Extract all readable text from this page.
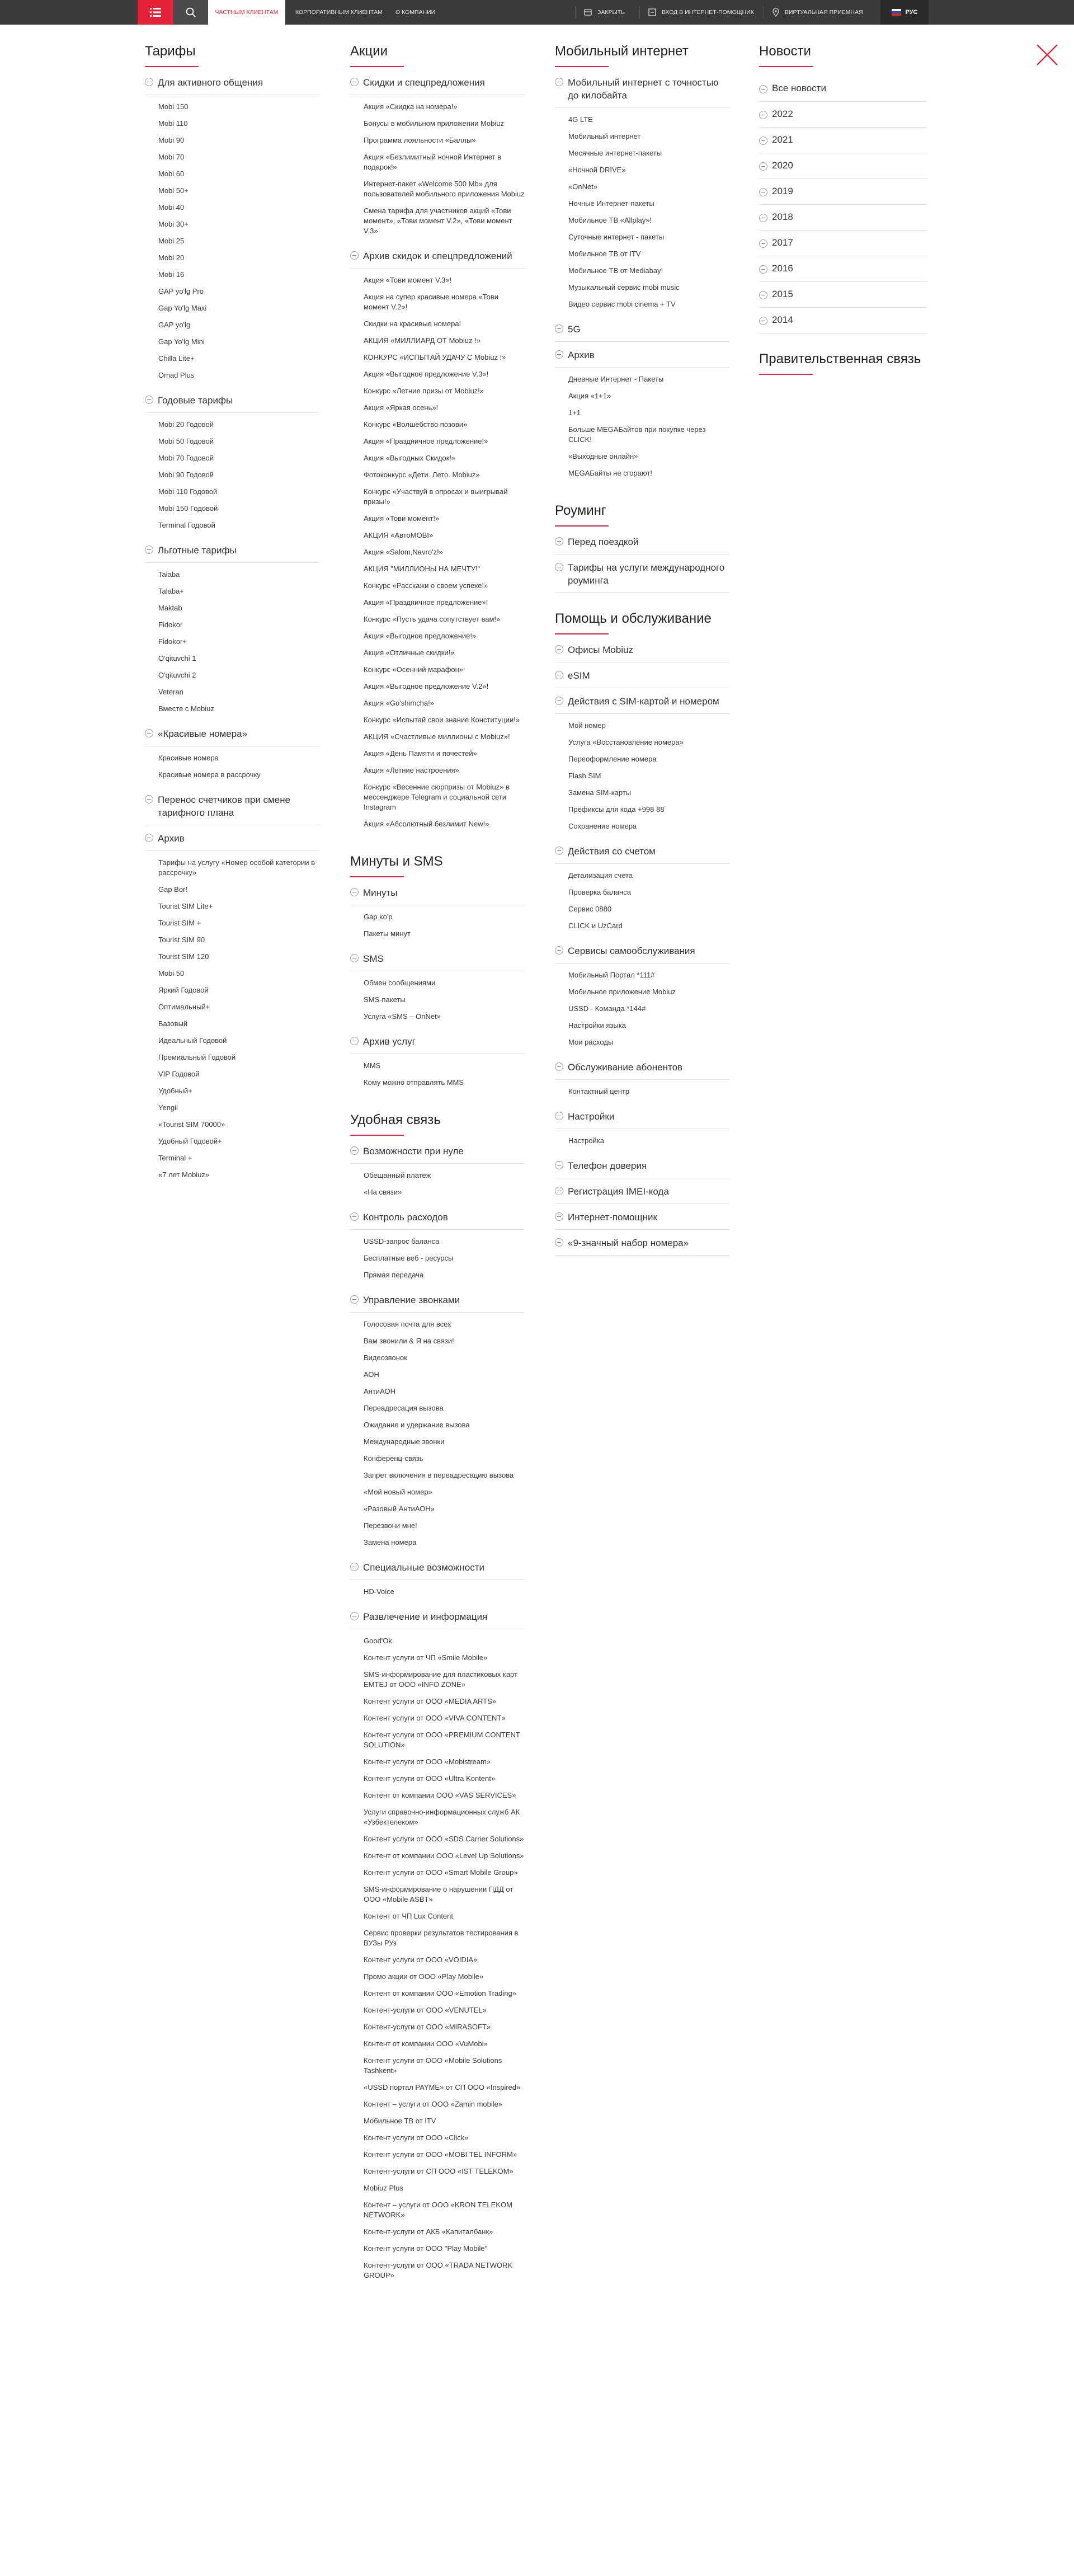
ЧАСТНЫМ КЛИЕНТАМ	КОРПОРАТИВНЫМ КЛИЕНТАМ О КОМПАНИИ	ЗАКРЫТЬ	ВХОД В ИНТЕРНЕТ-ПОМОЩНИК	ВИРТУАЛЬНАЯ ПРИЕМНАЯ	РУС
Тарифы
Для активного общения
Mobi 150
Mobi 110
Mobi 90
Mobi 70
Mobi 60
Mobi 50+
Mobi 40
Mobi 30+
Mobi 25
Mobi 20
Mobi 16
GAP yo'lg Pro
Gap Yo'lg Maxi
GAP yo'lg
Gap Yo'lg Mini
Chilla Lite+
Omad Plus
Годовые тарифы
Mobi 20 Годовой
Mobi 50 Годовой
Mobi 70 Годовой
Mobi 90 Годовой
Mobi 110 Годовой
Mobi 150 Годовой
Terminal Годовой
Льготные тарифы
Talaba
Talaba+
Maktab
Fidokor
Fidokor+
O'qituvchi 1
O'qituvchi 2
Veteran
Вместе с Mobiuz
«Красивые номера»
Красивые номера
Красивые номера в рассрочку
Перенос счетчиков при смене тарифного плана
Архив
Тарифы на услугу «Номер особой категории в рассрочку»
Gap Bor!
Tourist SIM Lite+
Tourist SIM +
Tourist SIM 90
Tourist SIM 120
Mobi 50
Яркий Годовой
Оптимальный+
Базовый
Идеальный Годовой
Премиальный Годовой
VIP Годовой
Удобный+
Yengil
«Tourist SIM 70000»
Удобный Годовой+
Terminal +
«7 лет Mobiuz»
Акции
Скидки и спецпредложения
Акция «Скидка на номера!»
Бонусы в мобильном приложении Mobiuz
Программа лояльности «Баллы»
Акция «Безлимитный ночной Интернет в подарок!»
Интернет-пакет «Welcome 500 Mb» для пользователей мобильного приложения Mobiuz
Смена тарифа для участников акций «Тови момент», «Тови момент V.2», «Тови момент V.3»
Архив скидок и спецпредложений
Акция «Тови момент V.3»!
Акция на супер красивые номера «Тови момент V.2»!
Скидки на красивые номера!
АКЦИЯ «МИЛЛИАРД ОТ Mobiuz !»
КОНКУРС «ИСПЫТАЙ УДАЧУ С Mobiuz !»
Акция «Выгодное предложение V.3»!
Конкурс «Летние призы от Mobiuz!»
Акция «Яркая осень»!
Конкурс «Волшебство позови»
Акция «Праздничное предложение!»
Акция «Выгодных Скидок!»
Фотоконкурс «Дети. Лето. Mobiuz»
Конкурс «Участвуй в опросах и выигрывай призы!»
Акция «Тови момент!»
АКЦИЯ «АвтоMOBI»
Акция «Salom,Navro'z!»
АКЦИЯ "МИЛЛИОНЫ НА МЕЧТУ!"
Конкурс «Расскажи о своем успехе!»
Акция «Праздничное предложение»!
Конкурс «Пусть удача сопутствует вам!»
Акция «Выгодное предложение!»
Акция «Отличные скидки!»
Конкурс «Осенний марафон»
Акция «Выгодное предложение V.2»!
Акция «Go'shimcha!»
Конкурс «Испытай свои знание Конституции!»
АКЦИЯ «Счастливые миллионы с Mobiuz»!
Акция «День Памяти и почестей»
Акция «Летние настроения»
Конкурс «Весенние сюрпризы от Mobiuz» в мессенджере Telegram и социальной сети Instagram
Акция «Абсолютный безлимит New!»
Минуты и SMS
Минуты
Gap ko'p
Пакеты минут
SMS
Обмен сообщениями
SMS-пакеты
Услуга «SMS – OnNet»
Архив услуг
MMS
Кому можно отправлять MMS
Удобная связь
Возможности при нуле
Обещанный платеж
«На связи»
Контроль расходов
USSD-запрос баланса
Бесплатные веб - ресурсы
Прямая передача
Управление звонками
Голосовая почта для всех
Вам звонили & Я на связи!
Видеозвонок
АОН
АнтиАОН
Переадресация вызова
Ожидание и удержание вызова
Международные звонки
Конференц-связь
Запрет включения в переадресацию вызова
«Мой новый номер»
«Разовый АнтиАОН»
Перезвони мне!
Замена номера
Специальные возможности
HD-Voice
Развлечение и информация
Good'Ok
Контент услуги от ЧП «Smile Mobile»
SMS-информирование для пластиковых карт EMTEJ от ООО «INFO ZONE»
Контент услуги от ООО «MEDIA ARTS»
Контент услуги от ООО «VIVA CONTENT»
Контент услуги от ООО «PREMIUM CONTENT SOLUTION»
Контент услуги от ООО «Mobistream»
Контент услуги от ООО «Ultra Kontent»
Контент от компании ООО «VAS SERVICES»
Услуги справочно-информационных служб АК «Узбектелеком»
Контент услуги от ООО «SDS Carrier Solutions»
Контент от компании ООО «Level Up Solutions»
Контент услуги от ООО «Smart Mobile Group»
SMS-информирование о нарушении ПДД от ООО «Mobile ASBT»
Контент от ЧП Lux Content
Сервис проверки результатов тестирования в ВУЗы РУз
Контент услуги от ООО «VOIDIA»
Промо акции от ООО «Play Mobile»
Контент от компании ООО «Emotion Trading»
Контент-услуги от ООО «VENUTEL»
Контент-услуги от ООО «MIRASOFT»
Контент от компании ООО «VuMobi»
Контент услуги от ООО «Mobile Solutions Tashkent»
«USSD портал PAYME» от СП ООО «Inspired»
Контент – услуги от ООО «Zamin mobile»
Мобильное ТВ от ITV
Контент услуги от ООО «Click»
Контент услуги от ООО «MOBI TEL INFORM»
Контент-услуги от СП ООО «IST TELEKOM»
Mobiuz Plus
Контент – услуги от ООО «KRON TELEKOM NETWORK»
Контент-услуги от АКБ «Капиталбанк»
Контент услуги от ООО "Play Mobile"
Контент-услуги от ООО «TRADA NETWORK GROUP»
Мобильный интернет
Мобильный интернет с точностью до килобайта
4G LTE
Мобильный интернет
Месячные интернет-пакеты
«Ночной DRIVE»
«OnNet»
Ночные Интернет-пакеты
Мобильное ТВ «Allplay»!
Суточные интернет - пакеты
Мобильное ТВ от ITV
Мобильное ТВ от Mediabay!
Музыкальный сервис mobi music
Видео сервис mobi cinema + TV
5G
Архив
Дневные Интернет - Пакеты
Акция «1+1»
1+1
Больше MEGAБайтов при покупке через CLICK!
«Выходные онлайн»
MEGAБайты не сгорают!
Роуминг
Перед поездкой
Тарифы на услуги международного роуминга
Помощь и обслуживание
Офисы Mobiuz
eSIM
Действия с SIM-картой и номером
Мой номер
Услуга «Восстановление номера»
Переоформление номера
Flash SIM
Замена SIM-карты
Префиксы для кода +998 88
Сохранение номера
Действия со счетом
Детализация счета
Проверка баланса
Сервис 0880
CLICK и UzCard
Сервисы самообслуживания
Мобильный Портал *111#
Мобильное приложение Mobiuz
USSD - Команда *144#
Настройки языка
Мои расходы
Обслуживание абонентов
Контактный центр
Настройки
Настройка
Телефон доверия
Регистрация IMEI-кода
Интернет-помощник
«9-значный набор номера»
Новости
Все новости
2022
2021
2020
2019
2018
2017
2016
2015
2014
Правительственная связь
